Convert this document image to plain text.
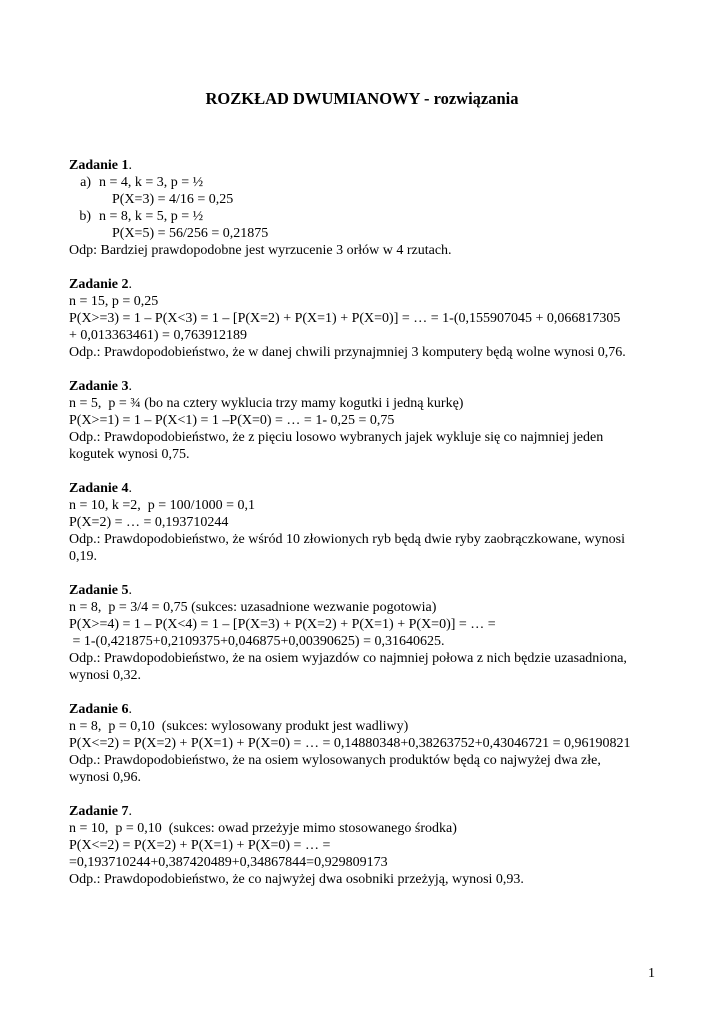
ROZKŁAD DWUMIANOWY - rozwiązania
Zadanie 1.
a) n = 4, k = 3, p = ½
P(X=3) = 4/16 = 0,25
b) n = 8, k = 5, p = ½
P(X=5) = 56/256 = 0,21875
Odp: Bardziej prawdopodobne jest wyrzucenie 3 orłów w 4 rzutach.
Zadanie 2.
n = 15, p = 0,25
P(X>=3) = 1 – P(X<3) = 1 – [P(X=2) + P(X=1) + P(X=0)] = … = 1-(0,155907045 + 0,066817305
+ 0,013363461) = 0,763912189
Odp.: Prawdopodobieństwo, że w danej chwili przynajmniej 3 komputery będą wolne wynosi 0,76.
Zadanie 3.
n = 5,  p = ¾ (bo na cztery wyklucia trzy mamy kogutki i jedną kurkę)
P(X>=1) = 1 – P(X<1) = 1 –P(X=0) = … = 1- 0,25 = 0,75
Odp.: Prawdopodobieństwo, że z pięciu losowo wybranych jajek wykluje się co najmniej jeden
kogutek wynosi 0,75.
Zadanie 4.
n = 10, k =2,  p = 100/1000 = 0,1
P(X=2) = … = 0,193710244
Odp.: Prawdopodobieństwo, że wśród 10 złowionych ryb będą dwie ryby zaobrączkowane, wynosi
0,19.
Zadanie 5.
n = 8,  p = 3/4 = 0,75 (sukces: uzasadnione wezwanie pogotowia)
P(X>=4) = 1 – P(X<4) = 1 – [P(X=3) + P(X=2) + P(X=1) + P(X=0)] = … =
= 1-(0,421875+0,2109375+0,046875+0,00390625) = 0,31640625.
Odp.: Prawdopodobieństwo, że na osiem wyjazdów co najmniej połowa z nich będzie uzasadniona,
wynosi 0,32.
Zadanie 6.
n = 8,  p = 0,10  (sukces: wylosowany produkt jest wadliwy)
P(X<=2) = P(X=2) + P(X=1) + P(X=0) = … = 0,14880348+0,38263752+0,43046721 = 0,96190821
Odp.: Prawdopodobieństwo, że na osiem wylosowanych produktów będą co najwyżej dwa złe,
wynosi 0,96.
Zadanie 7.
n = 10,  p = 0,10  (sukces: owad przeżyje mimo stosowanego środka)
P(X<=2) = P(X=2) + P(X=1) + P(X=0) = … =
=0,193710244+0,387420489+0,34867844=0,929809173
Odp.: Prawdopodobieństwo, że co najwyżej dwa osobniki przeżyją, wynosi 0,93.
1
